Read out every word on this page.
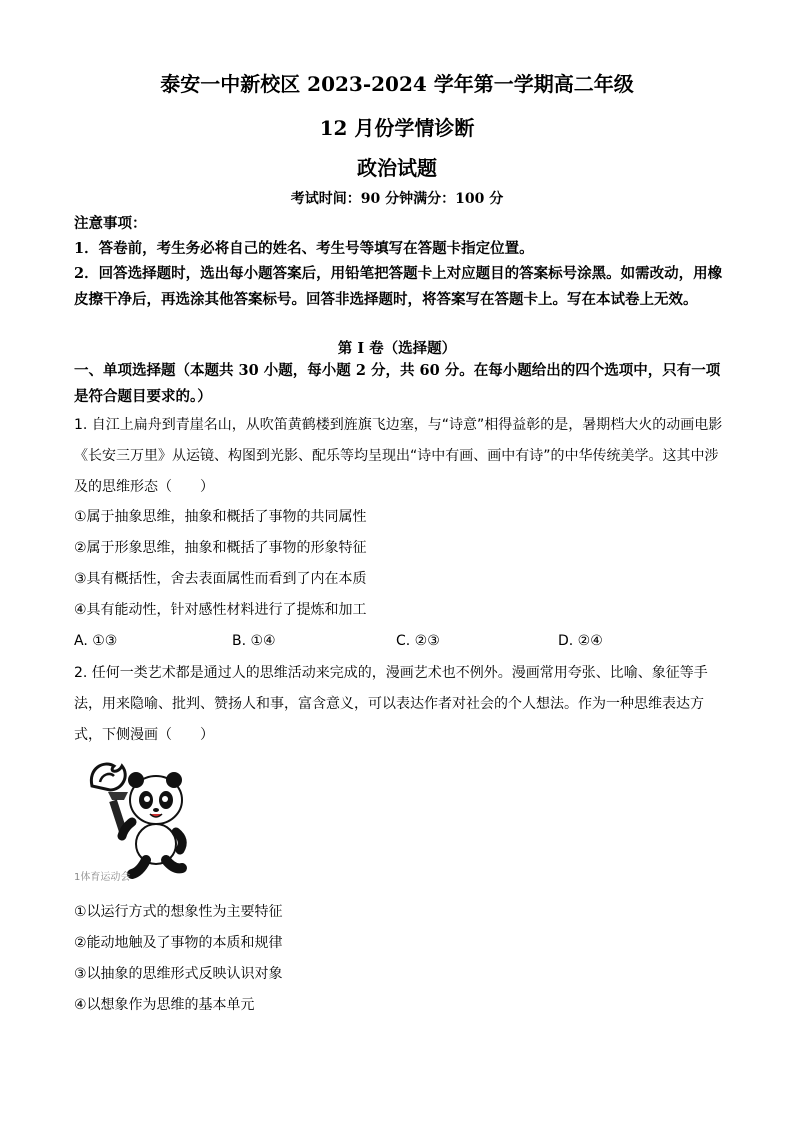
泰安一中新校区 2023-2024 学年第一学期高二年级
12 月份学情诊断
政治试题
考试时间：90 分钟满分：100 分
注意事项：
1．答卷前，考生务必将自己的姓名、考生号等填写在答题卡指定位置。
2．回答选择题时，选出每小题答案后，用铅笔把答题卡上对应题目的答案标号涂黑。如需改动，用橡皮擦干净后，再选涂其他答案标号。回答非选择题时，将答案写在答题卡上。写在本试卷上无效。
第 I 卷（选择题）
一、单项选择题（本题共 30 小题，每小题 2 分，共 60 分。在每小题给出的四个选项中，只有一项是符合题目要求的。）
1. 自江上扁舟到青崖名山，从吹笛黄鹤楼到旌旗飞边塞，与“诗意”相得益彰的是，暑期档大火的动画电影《长安三万里》从运镜、构图到光影、配乐等均呈现出“诗中有画、画中有诗”的中华传统美学。这其中涉及的思维形态（　　）
①属于抽象思维，抽象和概括了事物的共同属性
②属于形象思维，抽象和概括了事物的形象特征
③具有概括性，舍去表面属性而看到了内在本质
④具有能动性，针对感性材料进行了提炼和加工
A. ①③	B. ①④	C. ②③	D. ②④
2. 任何一类艺术都是通过人的思维活动来完成的，漫画艺术也不例外。漫画常用夸张、比喻、象征等手法，用来隐喻、批判、赞扬人和事，富含意义，可以表达作者对社会的个人想法。作为一种思维表达方式，下侧漫画（　　）
1体育运动会
①以运行方式的想象性为主要特征
②能动地触及了事物的本质和规律
③以抽象的思维形式反映认识对象
④以想象作为思维的基本单元
